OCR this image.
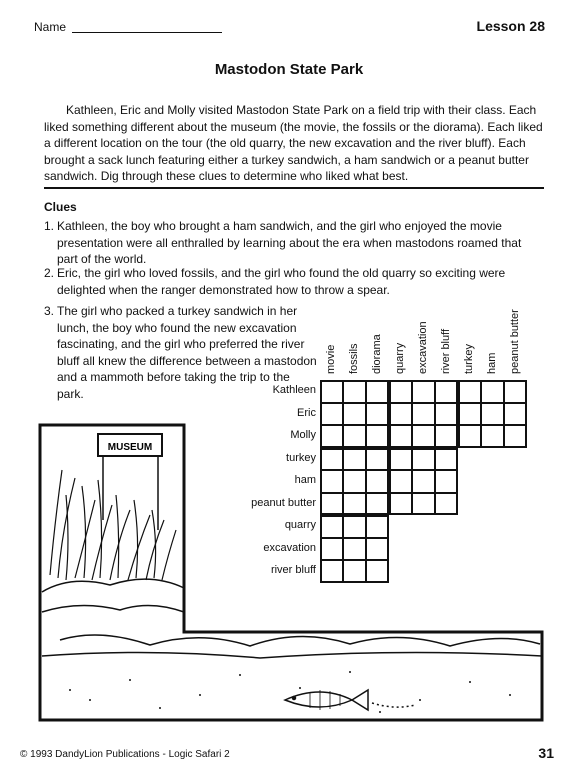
Name	Lesson 28
Mastodon State Park
Kathleen, Eric and Molly visited Mastodon State Park on a field trip with their class. Each liked something different about the museum (the movie, the fossils or the diorama). Each liked a different location on the tour (the old quarry, the new excavation and the river bluff). Each brought a sack lunch featuring either a turkey sandwich, a ham sandwich or a peanut butter sandwich. Dig through these clues to determine who liked what best.
Clues
1. Kathleen, the boy who brought a ham sandwich, and the girl who enjoyed the movie presentation were all enthralled by learning about the era when mastodons roamed that part of the world.
2. Eric, the girl who loved fossils, and the girl who found the old quarry so exciting were delighted when the ranger demonstrated how to throw a spear.
3. The girl who packed a turkey sandwich in her lunch, the boy who found the new excavation fascinating, and the girl who preferred the river bluff all knew the difference between a mastodon and a mammoth before taking the trip to the park.
MUSEUM
movie fossils diorama quarry excavation river bluff turkey ham peanut butter
Kathleen
Eric
Molly
turkey
ham
peanut butter
quarry
excavation
river bluff
© 1993 DandyLion Publications - Logic Safari 2	31
